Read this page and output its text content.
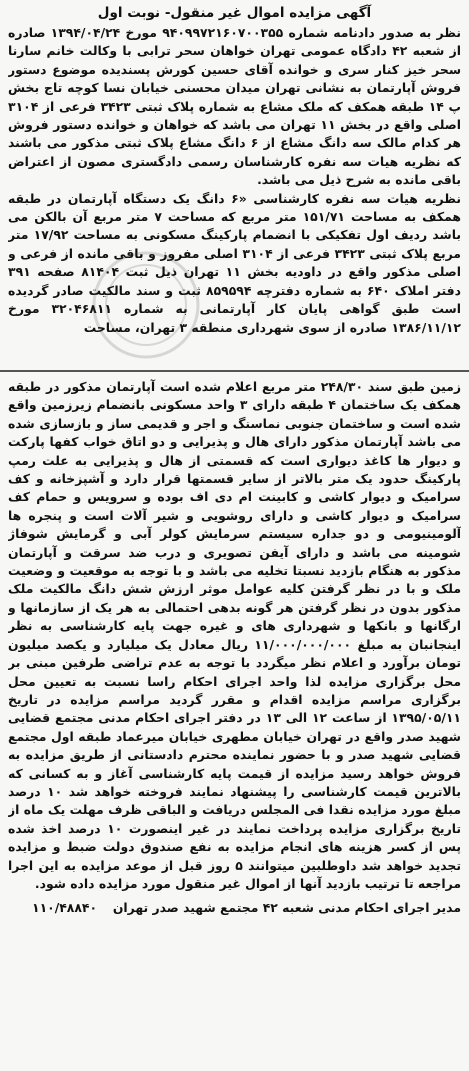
آگهی مزایده اموال غیر منقول- نوبت اول

نظر به صدور دادنامه شماره ۹۴۰۹۹۷۲۱۶۰۷۰۰۳۵۵ مورخ ۱۳۹۴/۰۴/۲۴ صادره از شعبه ۴۲ دادگاه عمومی تهران خواهان سحر ترابی با وکالت خانم سارنا سحر خیز کنار سری و خوانده آقای حسین کورش پسندیده موضوع دستور فروش آپارتمان به نشانی تهران میدان محسنی خیابان نسا کوچه تاج بخش پ ۱۴ طبقه همکف که ملک مشاع به شماره پلاک ثبتی ۳۴۲۳ فرعی از ۳۱۰۴ اصلی واقع در بخش ۱۱ تهران می باشد که خواهان و خوانده دستور فروش هر کدام مالک سه دانگ مشاع از ۶ دانگ مشاع پلاک ثبتی مذکور می باشند که نظریه هیات سه نفره کارشناسان رسمی دادگستری مصون از اعتراض باقی مانده به شرح ذیل می باشد.

نظریه هیات سه نفره کارشناسی «۶ دانگ یک دستگاه آپارتمان در طبقه همکف به مساحت ۱۵۱/۷۱ متر مربع که مساحت ۷ متر مربع آن بالکن می باشد ردیف اول تفکیکی با انضمام پارکینگ مسکونی به مساحت ۱۷/۹۲ متر مربع پلاک ثبتی ۳۴۲۳ فرعی از ۳۱۰۴ اصلی مفروز و باقی مانده از فرعی و اصلی مذکور واقع در داودیه بخش ۱۱ تهران ذیل ثبت ۸۱۴۰۴ صفحه ۳۹۱ دفتر املاک ۶۴۰ به شماره دفترچه ۸۵۹۵۹۴ ثبت و سند مالکیت صادر گردیده است طبق گواهی پایان کار آپارتمانی به شماره ۳۲۰۴۶۸۱۱ مورخ ۱۳۸۶/۱۱/۱۲ صادره از سوی شهرداری منطقه ۳ تهران، مساحت

زمین طبق سند ۲۴۸/۳۰ متر مربع اعلام شده است آپارتمان مذکور در طبقه همکف یک ساختمان ۴ طبقه دارای ۳ واحد مسکونی بانضمام زیرزمین واقع شده است و ساختمان جنوبی نماسنگ و اجر و قدیمی ساز و بازسازی شده می باشد آپارتمان مذکور دارای هال و پذیرایی و دو اتاق خواب کفها پارکت و دیوار ها کاغذ دیواری است که قسمتی از هال و پذیرایی به علت رمپ پارکینگ حدود یک متر بالاتر از سایر قسمتها قرار دارد و آشپزخانه و کف سرامیک و دیوار کاشی و کابینت ام دی اف بوده و سرویس و حمام کف سرامیک و دیوار کاشی و دارای روشویی و شیر آلات است و پنجره ها آلومینیومی و دو جداره سیستم سرمایش کولر آبی و گرمایش شوفاژ شومینه می باشد و دارای آیفن تصویری و درب ضد سرقت و آپارتمان مذکور به هنگام بازدید نسبتا تخلیه می باشد و با توجه به موقعیت و وضعیت ملک و با در نظر گرفتن کلیه عوامل موثر ارزش شش دانگ مالکیت ملک مذکور بدون در نظر گرفتن هر گونه بدهی احتمالی به هر یک از سازمانها و ارگانها و بانکها و شهرداری های و غیره جهت پایه کارشناسی به نظر اینجانبان به مبلغ ۱۱/۰۰۰/۰۰۰/۰۰۰ ریال معادل یک میلیارد و یکصد میلیون تومان برآورد و اعلام نظر میگردد با توجه به عدم تراضی طرفین مبنی بر محل برگزاری مزایده لذا واحد اجرای احکام راسا نسبت به تعیین محل برگزاری مراسم مزایده اقدام و مقرر گردید مراسم مزایده در تاریخ ۱۳۹۵/۰۵/۱۱ از ساعت ۱۲ الی ۱۳ در دفتر اجرای احکام مدنی مجتمع قضایی شهید صدر واقع در تهران خیابان مطهری خیابان میرعماد طبقه اول مجتمع قضایی شهید صدر و با حضور نماینده محترم دادستانی از طریق مزایده به فروش خواهد رسید مزایده از قیمت پایه کارشناسی آغاز و به کسانی که بالاترین قیمت کارشناسی را پیشنهاد نمایند فروخته خواهد شد ۱۰ درصد مبلغ مورد مزایده نقدا فی المجلس دریافت و الباقی ظرف مهلت یک ماه از تاریخ برگزاری مزایده پرداخت نمایند در غیر اینصورت ۱۰ درصد اخذ شده پس از کسر هزینه های انجام مزایده به نفع صندوق دولت ضبط و مزایده تجدید خواهد شد داوطلبین میتوانند ۵ روز قبل از موعد مزایده به این اجرا مراجعه تا ترتیب بازدید آنها از اموال غیر منقول مورد مزایده داده شود.

مدیر اجرای احکام مدنی شعبه ۴۲ مجتمع شهید صدر تهران
۱۱۰/۴۸۸۴۰
